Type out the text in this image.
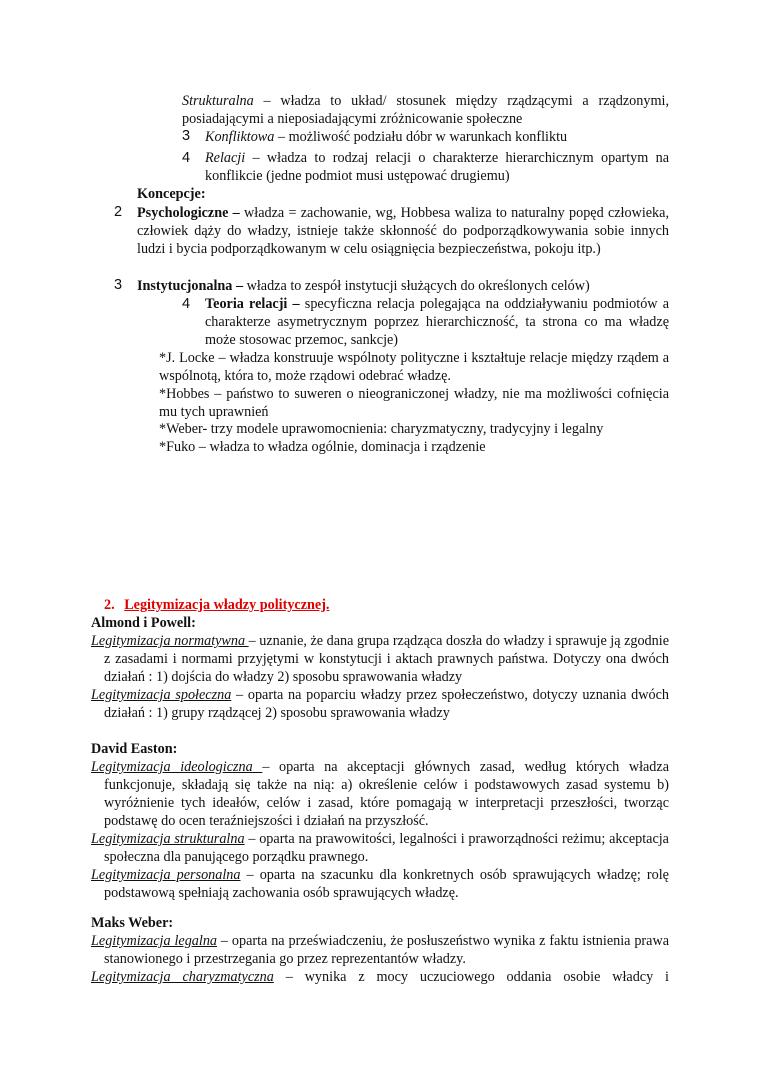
Strukturalna – władza to układ/ stosunek między rządzącymi a rządzonymi, posiadającymi a nieposiadającymi zróżnicowanie społeczne
3 Konfliktowa – możliwość podziału dóbr w warunkach konfliktu
4 Relacji – władza to rodzaj relacji o charakterze hierarchicznym opartym na konflikcie (jedne podmiot musi ustępować drugiemu)
Koncepcje:
2 Psychologiczne – władza = zachowanie, wg, Hobbesa waliza to naturalny popęd człowieka, człowiek dąży do władzy, istnieje także skłonność do podporządkowywania sobie innych ludzi i bycia podporządkowanym w celu osiągnięcia bezpieczeństwa, pokoju itp.)
3 Instytucjonalna – władza to zespół instytucji służących do określonych celów)
4 Teoria relacji – specyficzna relacja polegająca na oddziaływaniu podmiotów a charakterze asymetrycznym poprzez hierarchiczność, ta strona co ma władzę może stosowac przemoc, sankcje)
*J. Locke – władza konstruuje wspólnoty polityczne i kształtuje relacje między rządem a wspólnotą, która to, może rządowi odebrać władzę.
*Hobbes – państwo to suweren o nieograniczonej władzy, nie ma możliwości cofnięcia mu tych uprawnień
*Weber- trzy modele uprawomocnienia: charyzmatyczny, tradycyjny i legalny
*Fuko – władza to władza ogólnie, dominacja i rządzenie
2. Legitymizacja władzy politycznej.
Almond i Powell:
Legitymizacja normatywna – uznanie, że dana grupa rządząca doszła do władzy i sprawuje ją zgodnie z zasadami i normami przyjętymi w konstytucji i aktach prawnych państwa. Dotyczy ona dwóch działań : 1) dojścia do władzy 2) sposobu sprawowania władzy
Legitymizacja społeczna – oparta na poparciu władzy przez społeczeństwo, dotyczy uznania dwóch działań : 1) grupy rządzącej 2) sposobu sprawowania władzy
David Easton:
Legitymizacja ideologiczna – oparta na akceptacji głównych zasad, według których władza funkcjonuje, składają się także na nią: a) określenie celów i podstawowych zasad systemu b) wyróżnienie tych ideałów, celów i zasad, które pomagają w interpretacji przeszłości, tworząc podstawę do ocen teraźniejszości i działań na przyszłość.
Legitymizacja strukturalna – oparta na prawowitości, legalności i praworządności reżimu; akceptacja społeczna dla panującego porządku prawnego.
Legitymizacja personalna – oparta na szacunku dla konkretnych osób sprawujących władzę; rolę podstawową spełniają zachowania osób sprawujących władzę.
Maks Weber:
Legitymizacja legalna – oparta na przeświadczeniu, że posłuszeństwo wynika z faktu istnienia prawa stanowionego i przestrzegania go przez reprezentantów władzy.
Legitymizacja charyzmatyczna – wynika z mocy uczuciowego oddania osobie władcy i
